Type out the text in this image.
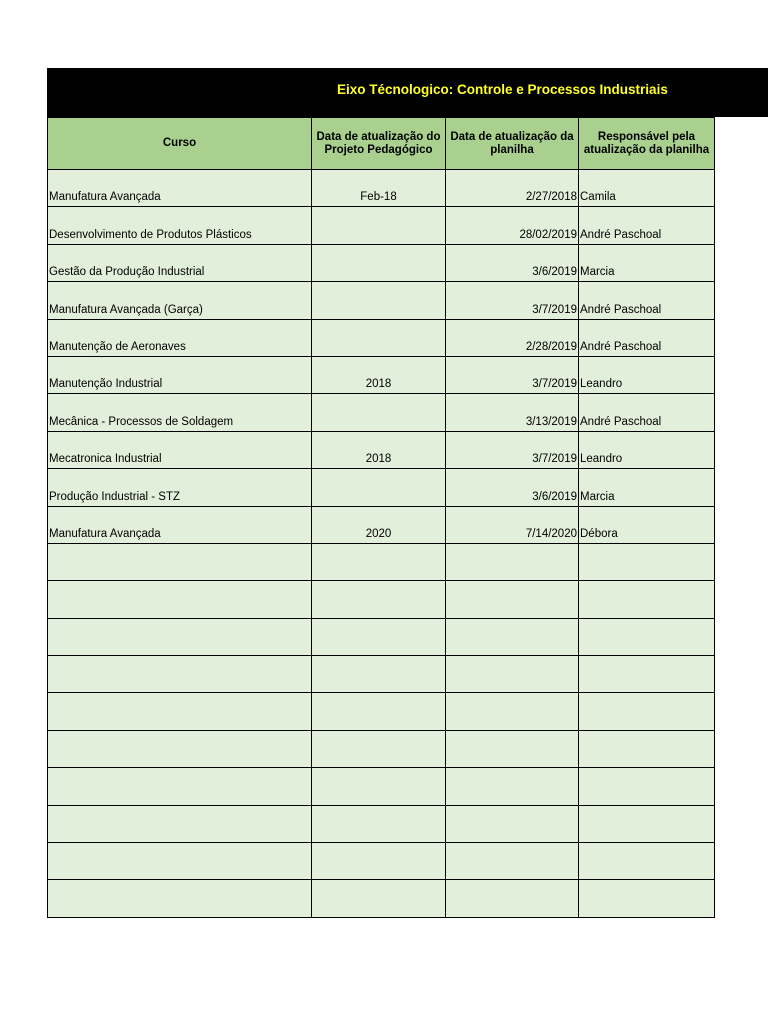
Eixo Técnologico: Controle e Processos Industriais
Curso	Data de atualização do Projeto Pedagógico	Data de atualização da planilha	Responsável pela atualização da planilha
Manufatura Avançada	Feb-18	2/27/2018	Camila
Desenvolvimento de Produtos Plásticos		28/02/2019	André Paschoal
Gestão da Produção Industrial		3/6/2019	Marcia
Manufatura Avançada (Garça)		3/7/2019	André Paschoal
Manutenção de Aeronaves		2/28/2019	André Paschoal
Manutenção Industrial	2018	3/7/2019	Leandro
Mecânica - Processos de Soldagem		3/13/2019	André Paschoal
Mecatronica Industrial	2018	3/7/2019	Leandro
Produção Industrial - STZ		3/6/2019	Marcia
Manufatura Avançada	2020	7/14/2020	Débora
